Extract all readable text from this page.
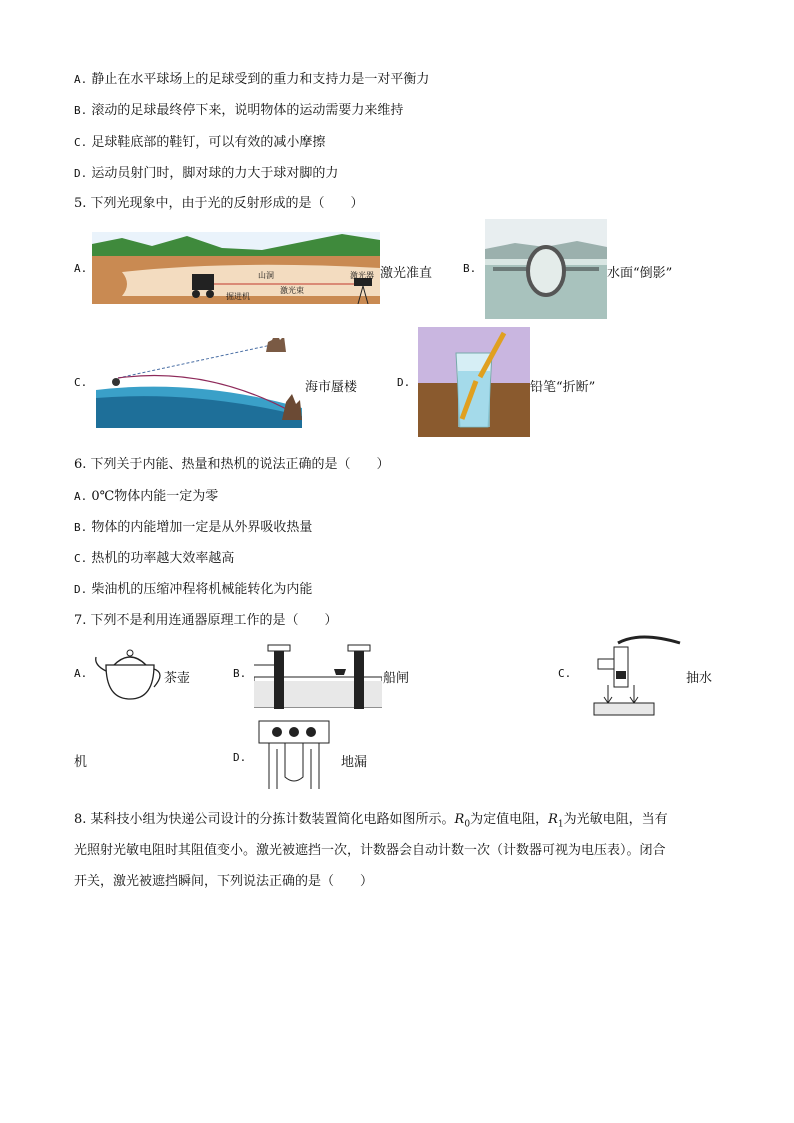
A. 静止在水平球场上的足球受到的重力和支持力是一对平衡力
B. 滚动的足球最终停下来，说明物体的运动需要力来维持
C. 足球鞋底部的鞋钉，可以有效的减小摩擦
D. 运动员射门时，脚对球的力大于球对脚的力
5. 下列光现象中，由于光的反射形成的是（　　）
A.
山洞	激光器
激光束
掘进机
激光准直	B.	水面“倒影”
C.	海市蜃楼	D.	铅笔“折断”
6. 下列关于内能、热量和热机的说法正确的是（　　）
A. 0℃物体内能一定为零
B. 物体的内能增加一定是从外界吸收热量
C. 热机的功率越大效率越高
D. 柴油机的压缩冲程将机械能转化为内能
7. 下列不是利用连通器原理工作的是（　　）
A.	茶壶	B.	船闸	C.	抽水
机	D.	地漏
8. 某科技小组为快递公司设计的分拣计数装置简化电路如图所示。$R_0$为定值电阻，$R_1$为光敏电阻，当有
光照射光敏电阻时其阻值变小。激光被遮挡一次，计数器会自动计数一次（计数器可视为电压表）。闭合
开关，激光被遮挡瞬间，下列说法正确的是（　　）
